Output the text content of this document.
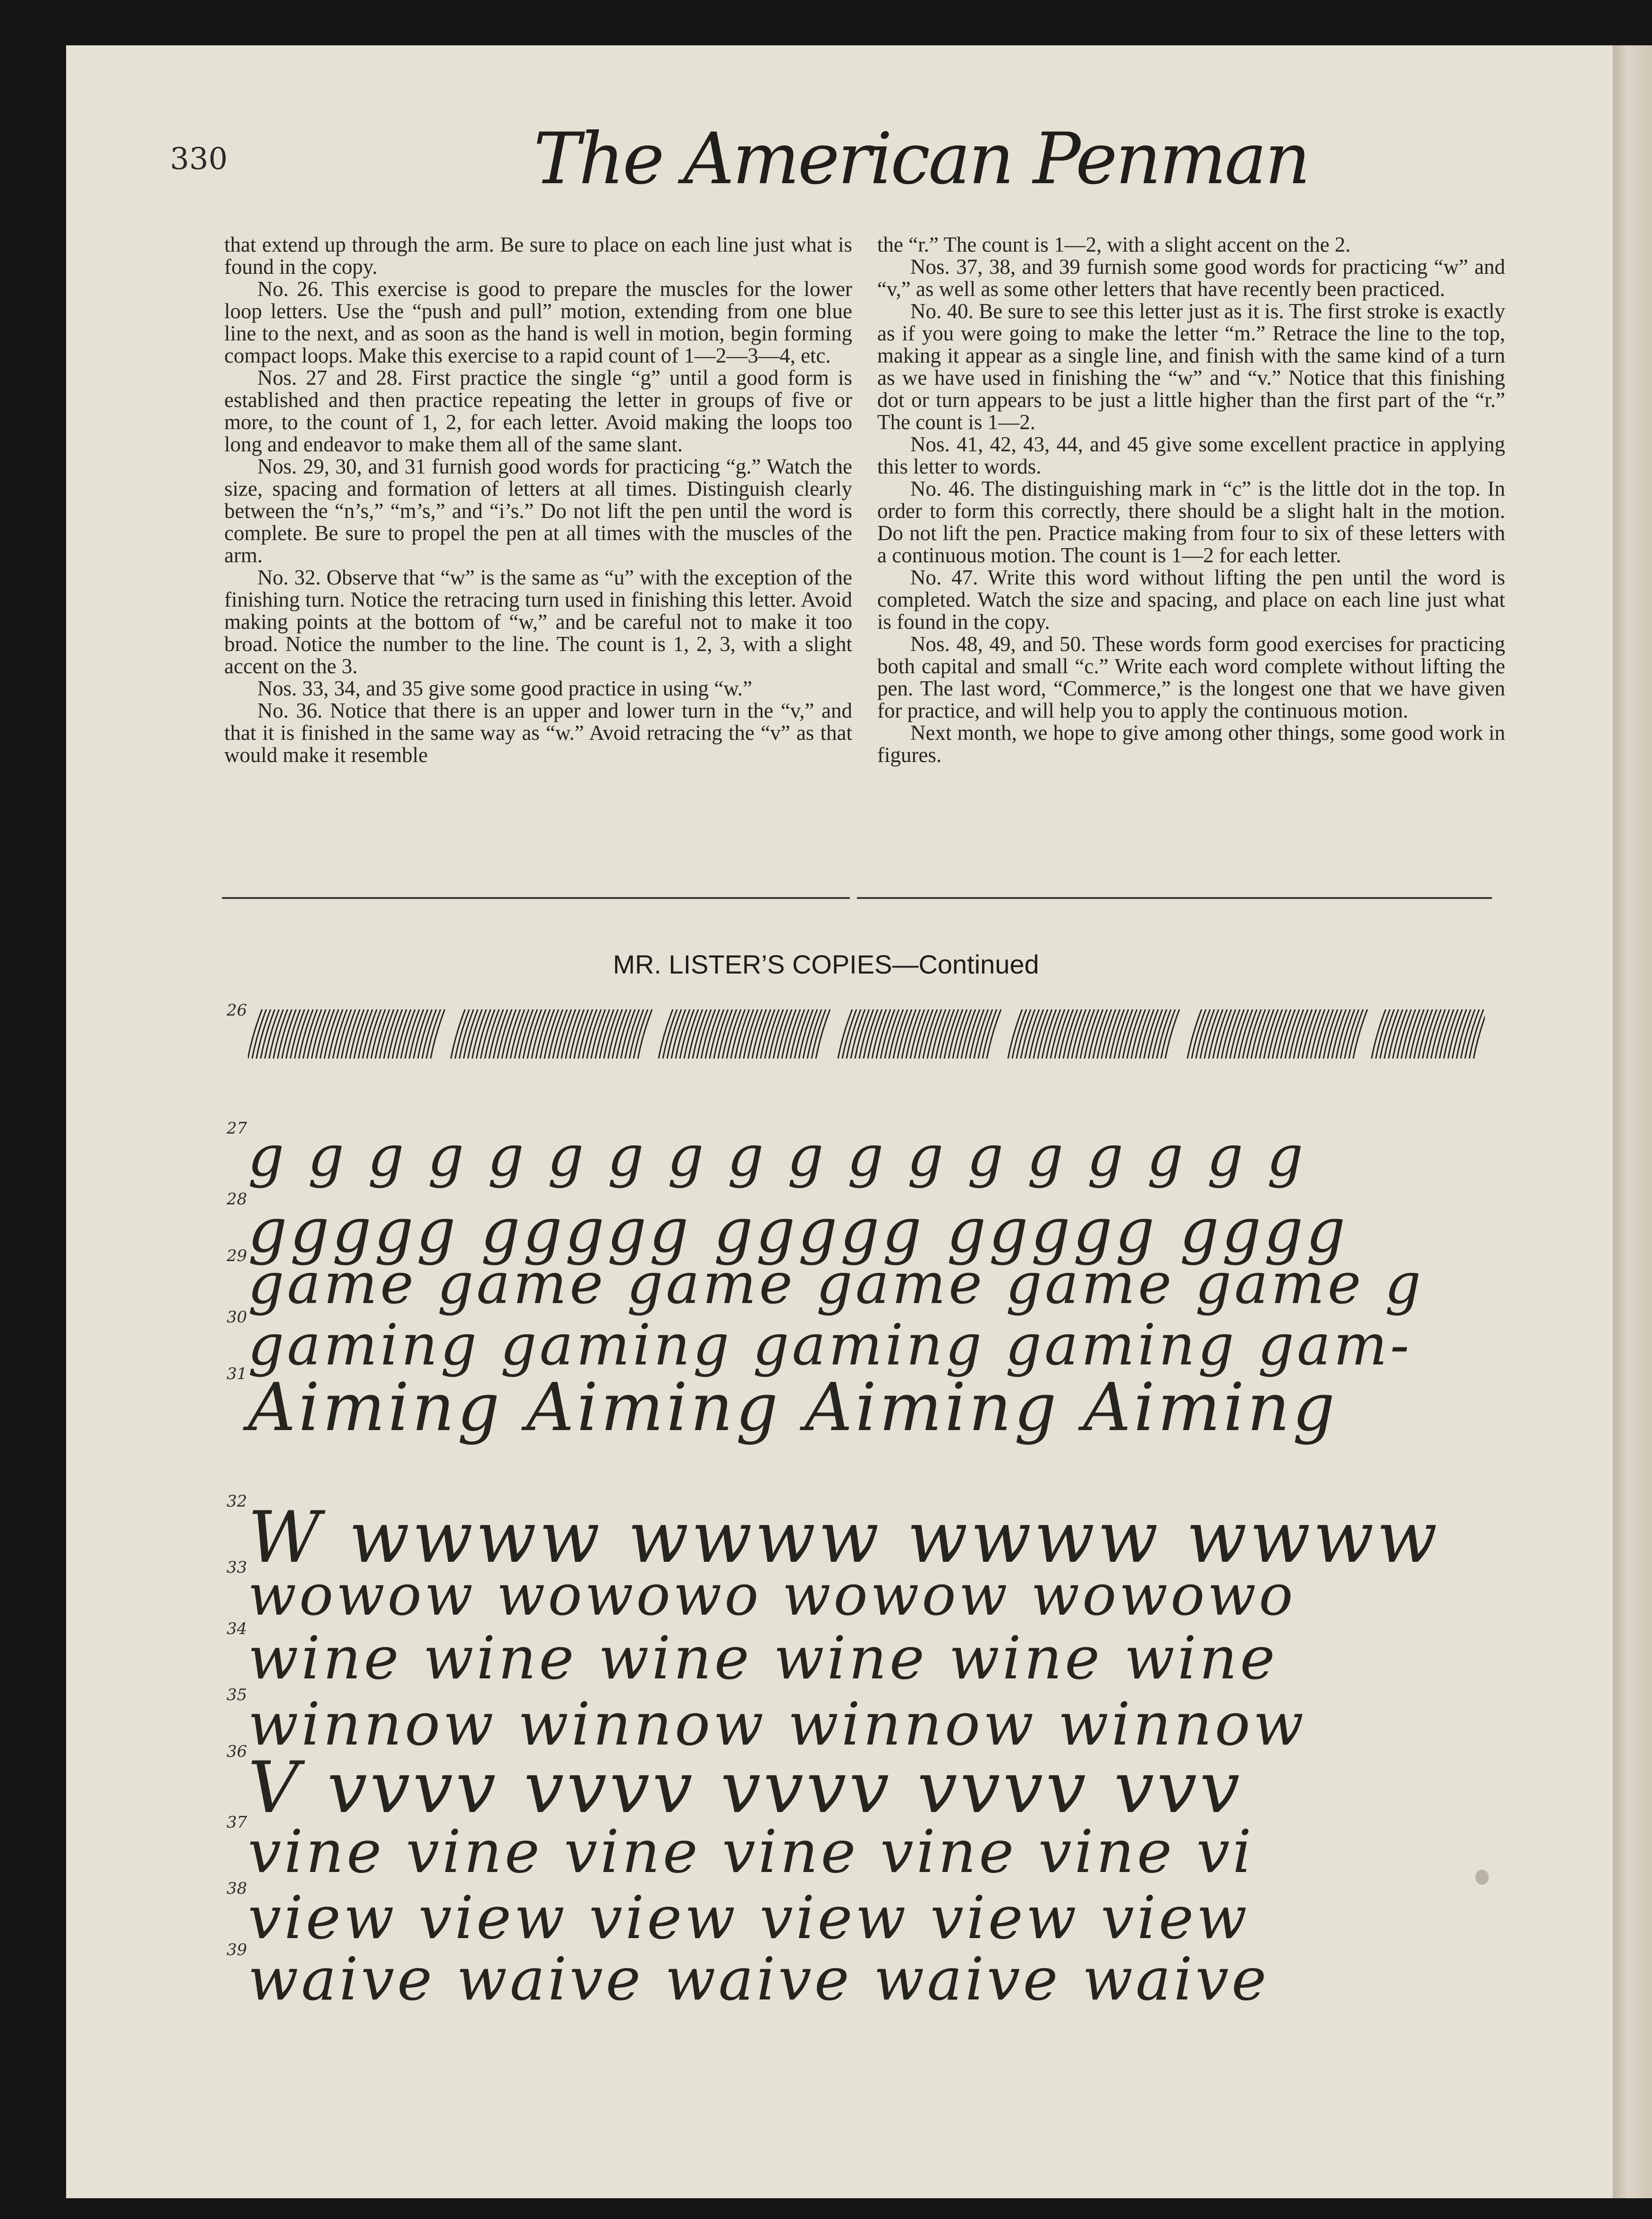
330	The American Penman

that extend up through the arm. Be sure to place on each line just what is found in the copy.

No. 26. This exercise is good to prepare the muscles for the lower loop letters. Use the “push and pull” motion, extending from one blue line to the next, and as soon as the hand is well in motion, begin forming compact loops. Make this exercise to a rapid count of 1—2—3—4, etc.

Nos. 27 and 28. First practice the single “g” until a good form is established and then practice repeating the letter in groups of five or more, to the count of 1, 2, for each letter. Avoid making the loops too long and endeavor to make them all of the same slant.

Nos. 29, 30, and 31 furnish good words for practicing “g.” Watch the size, spacing and formation of letters at all times. Distinguish clearly between the “n’s,” “m’s,” and “i’s.” Do not lift the pen until the word is complete. Be sure to propel the pen at all times with the muscles of the arm.

No. 32. Observe that “w” is the same as “u” with the exception of the finishing turn. Notice the retracing turn used in finishing this letter. Avoid making points at the bottom of “w,” and be careful not to make it too broad. Notice the number to the line. The count is 1, 2, 3, with a slight accent on the 3.

Nos. 33, 34, and 35 give some good practice in using “w.”

No. 36. Notice that there is an upper and lower turn in the “v,” and that it is finished in the same way as “w.” Avoid retracing the “v” as that would make it resemble

the “r.” The count is 1—2, with a slight accent on the 2.

Nos. 37, 38, and 39 furnish some good words for practicing “w” and “v,” as well as some other letters that have recently been practiced.

No. 40. Be sure to see this letter just as it is. The first stroke is exactly as if you were going to make the letter “m.” Retrace the line to the top, making it appear as a single line, and finish with the same kind of a turn as we have used in finishing the “w” and “v.” Notice that this finishing dot or turn appears to be just a little higher than the first part of the “r.” The count is 1—2.

Nos. 41, 42, 43, 44, and 45 give some excellent practice in applying this letter to words.

No. 46. The distinguishing mark in “c” is the little dot in the top. In order to form this correctly, there should be a slight halt in the motion. Do not lift the pen. Practice making from four to six of these letters with a continuous motion. The count is 1—2 for each letter.

No. 47. Write this word without lifting the pen until the word is completed. Watch the size and spacing, and place on each line just what is found in the copy.

Nos. 48, 49, and 50. These words form good exercises for practicing both capital and small “c.” Write each word complete without lifting the pen. The last word, “Commerce,” is the longest one that we have given for practice, and will help you to apply the continuous motion.

Next month, we hope to give among other things, some good work in figures.

MR. LISTER’S COPIES—Continued
26
27 g g g g g g g g g g g g g g g g g g
28 ggggg ggggg ggggg ggggg gggg
29 game game game game game game g
30 gaming gaming gaming gaming gam-
31 Aiming Aiming Aiming Aiming
32 W wwww wwww wwww wwww
33 wowow wowowo wowow wowowo
34 wine wine wine wine wine wine
35 winnow winnow winnow winnow
36 V vvvv vvvv vvvv vvvv vvv
37 vine vine vine vine vine vine vi
38 view view view view view view
39 waive waive waive waive waive
